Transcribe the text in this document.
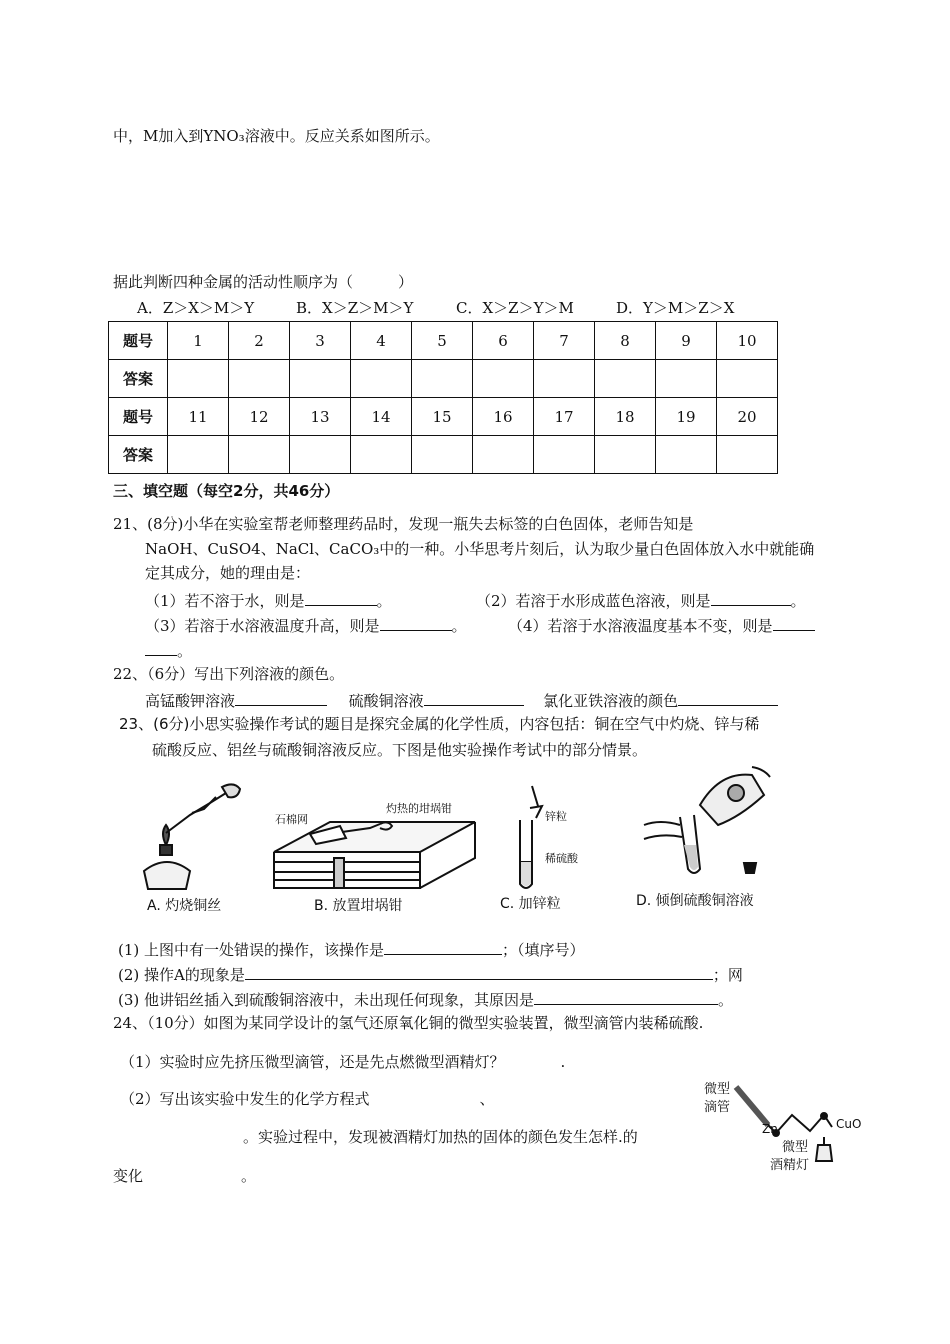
中，M加入到YNO₃溶液中。反应关系如图所示。
据此判断四种金属的活动性顺序为（　　　）
A．Z＞X＞M＞Y	B．X＞Z＞M＞Y	C．X＞Z＞Y＞M	D．Y＞M＞Z＞X
题号	1	2	3	4	5	6	7	8	9	10
答案										
题号	11	12	13	14	15	16	17	18	19	20
答案										
三、填空题（每空2分，共46分）
21、(8分)小华在实验室帮老师整理药品时，发现一瓶失去标签的白色固体，老师告知是
NaOH、CuSO4、NaCl、CaCO₃中的一种。小华思考片刻后，认为取少量白色固体放入水中就能确
定其成分，她的理由是：
（1）若不溶于水，则是	。	（2）若溶于水形成蓝色溶液，则是	。
（3）若溶于水溶液温度升高，则是	。	（4）若溶于水溶液温度基本不变，则是
。
22、（6分）写出下列溶液的颜色。
高锰酸钾溶液	硫酸铜溶液	氯化亚铁溶液的颜色
23、(6分)小思实验操作考试的题目是探究金属的化学性质，内容包括：铜在空气中灼烧、锌与稀
硫酸反应、铝丝与硫酸铜溶液反应。下图是他实验操作考试中的部分情景。
A. 灼烧铜丝
石棉网
灼热的坩埚钳
B. 放置坩埚钳
锌粒
稀硫酸
C. 加锌粒	D. 倾倒硫酸铜溶液
(1) 上图中有一处错误的操作，该操作是	；（填序号）
(2) 操作A的现象是	；网
(3) 他讲铝丝插入到硫酸铜溶液中，未出现任何现象，其原因是	。
24、（10分）如图为某同学设计的氢气还原氧化铜的微型实验装置，微型滴管内装稀硫酸.
（1）实验时应先挤压微型滴管，还是先点燃微型酒精灯？	.
（2）写出该实验中发生的化学方程式	、
。实验过程中，发现被酒精灯加热的固体的颜色发生怎样.的
变化	。
微型
滴管
Zn	CuO
微型
酒精灯
